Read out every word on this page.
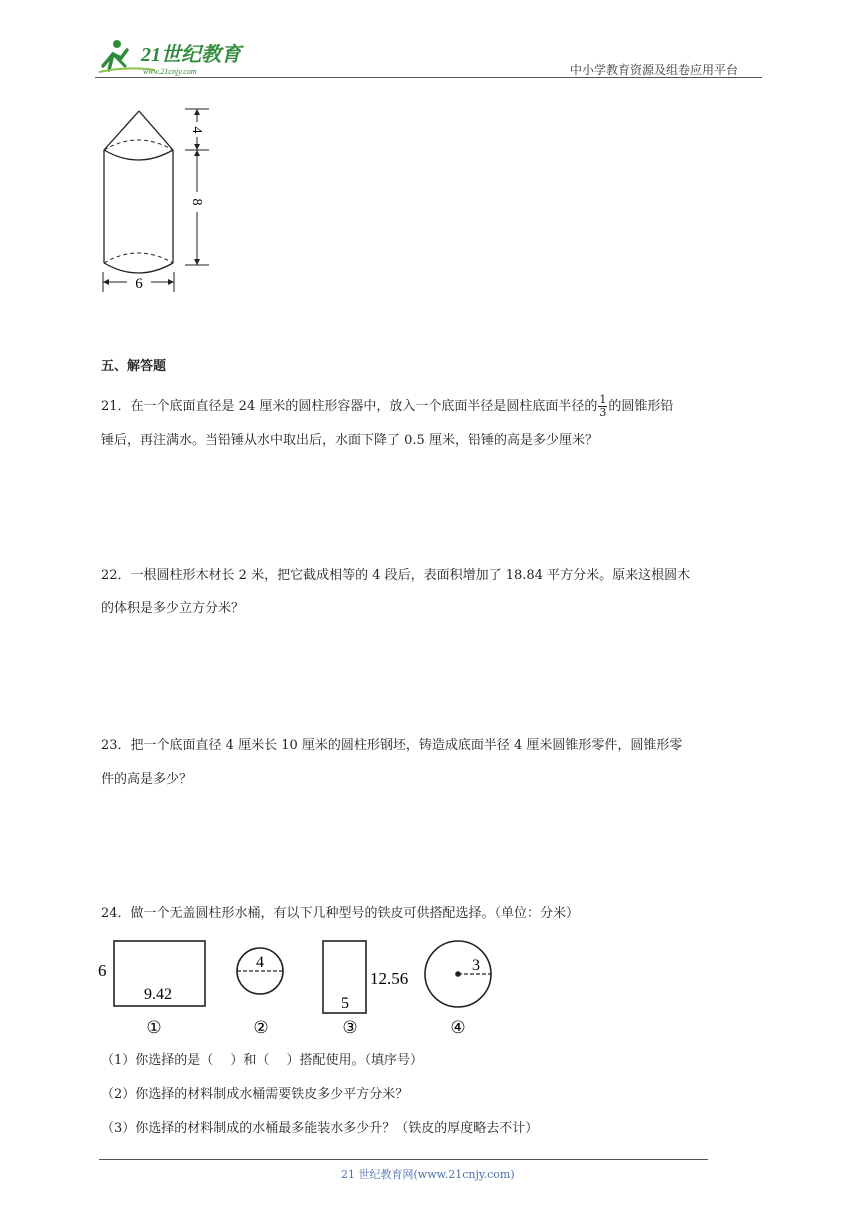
21世纪教育
www.21cnjy.com	中小学教育资源及组卷应用平台
4
8
6
五、解答题
21．在一个底面直径是 24 厘米的圆柱形容器中，放入一个底面半径是圆柱底面半径的 $\frac{1}{3}$ 的圆锥形铅
锤后，再注满水。当铅锤从水中取出后，水面下降了 0.5 厘米，铅锤的高是多少厘米？
22．一根圆柱形木材长 2 米，把它截成相等的 4 段后，表面积增加了 18.84 平方分米。原来这根圆木
的体积是多少立方分米？
23．把一个底面直径 4 厘米长 10 厘米的圆柱形钢坯，铸造成底面半径 4 厘米圆锥形零件，圆锥形零
件的高是多少？
24．做一个无盖圆柱形水桶，有以下几种型号的铁皮可供搭配选择。（单位：分米）
6
9.42
①
4
②
5
12.56
③
3
④
（1）你选择的是（　 ）和（　 ）搭配使用。（填序号）
（2）你选择的材料制成水桶需要铁皮多少平方分米？
（3）你选择的材料制成的水桶最多能装水多少升？（铁皮的厚度略去不计）
21 世纪教育网(www.21cnjy.com)
